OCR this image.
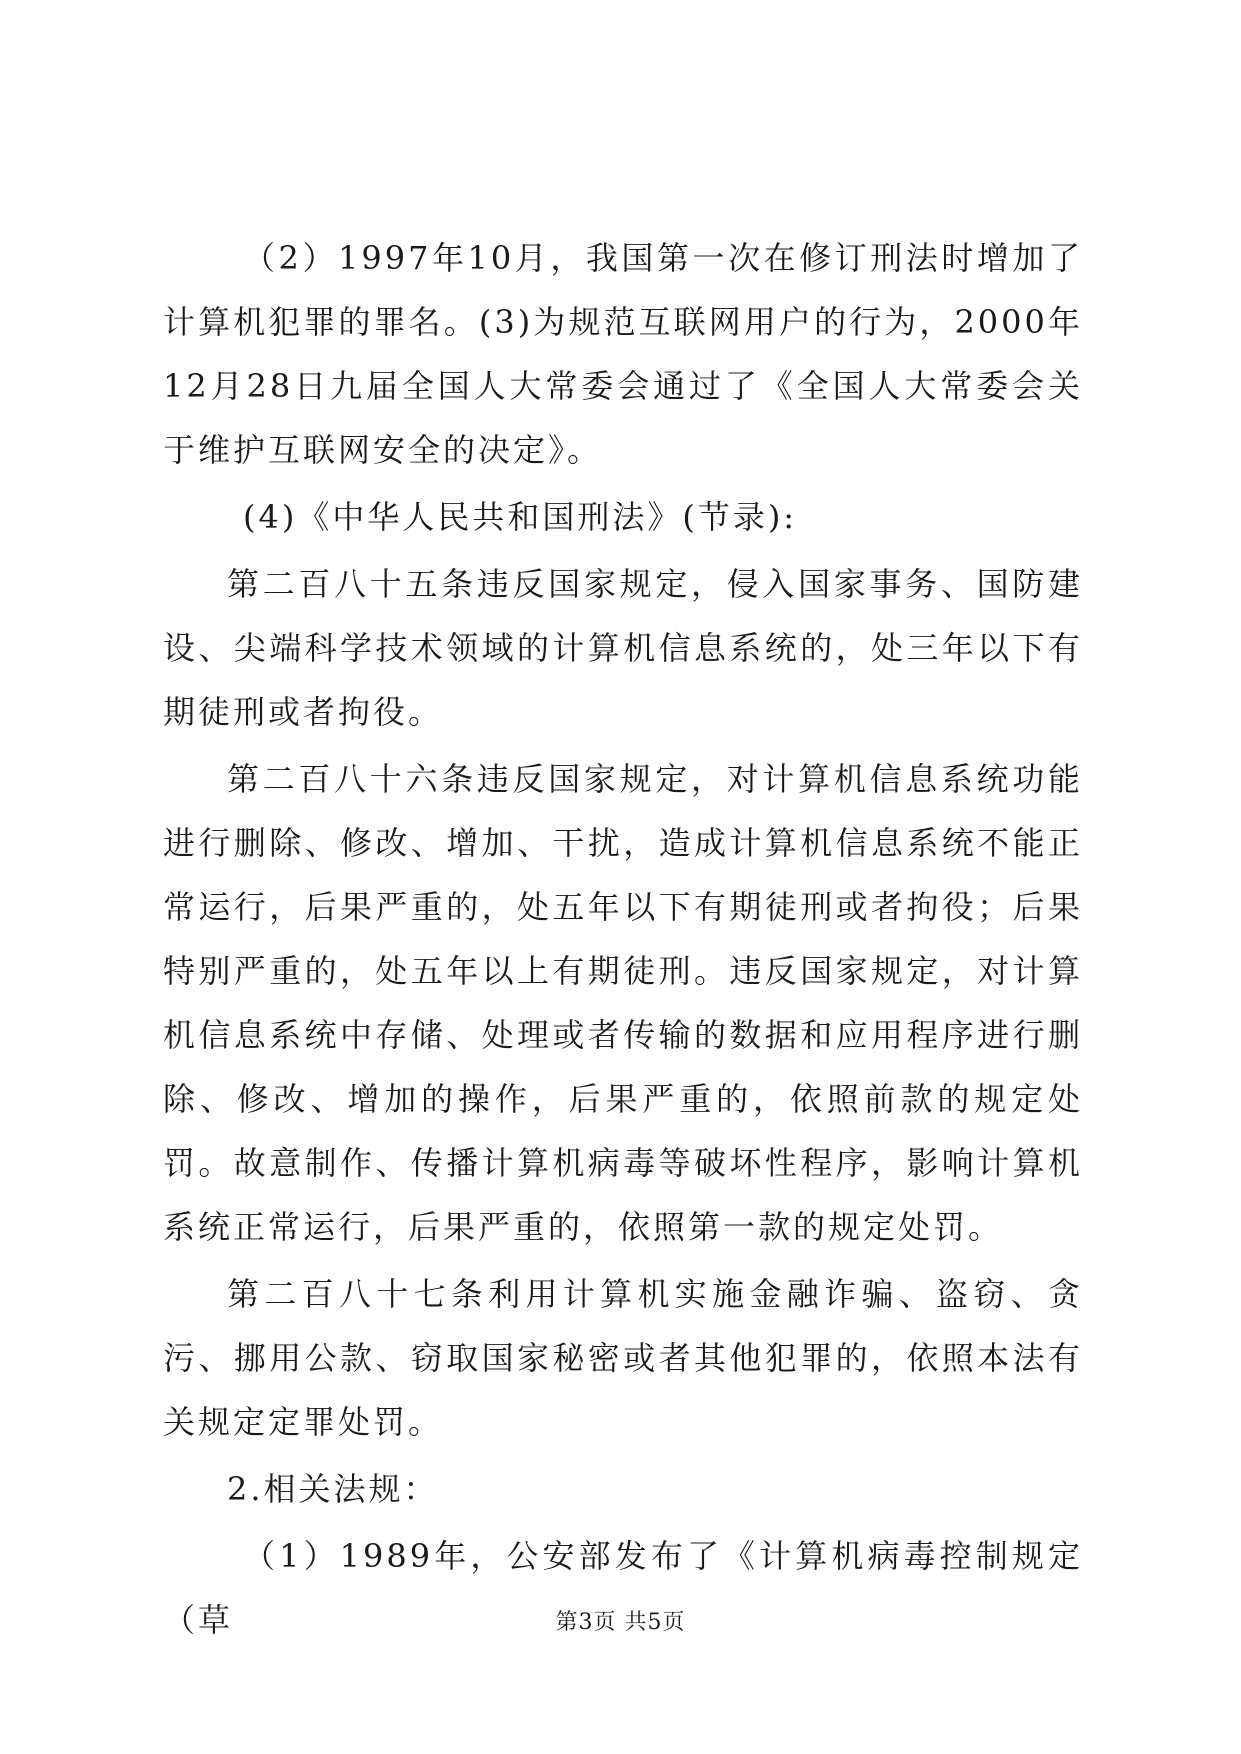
（2）1997年10月，我国第一次在修订刑法时增加了计算机犯罪的罪名。(3)为规范互联网用户的行为，2000年12月28日九届全国人大常委会通过了《全国人大常委会关于维护互联网安全的决定》。

(4)《中华人民共和国刑法》(节录):

第二百八十五条违反国家规定，侵入国家事务、国防建设、尖端科学技术领域的计算机信息系统的，处三年以下有期徒刑或者拘役。

第二百八十六条违反国家规定，对计算机信息系统功能进行删除、修改、增加、干扰，造成计算机信息系统不能正常运行，后果严重的，处五年以下有期徒刑或者拘役；后果特别严重的，处五年以上有期徒刑。违反国家规定，对计算机信息系统中存储、处理或者传输的数据和应用程序进行删除、修改、增加的操作，后果严重的，依照前款的规定处罚。故意制作、传播计算机病毒等破坏性程序，影响计算机系统正常运行，后果严重的，依照第一款的规定处罚。

第二百八十七条利用计算机实施金融诈骗、盗窃、贪污、挪用公款、窃取国家秘密或者其他犯罪的，依照本法有关规定定罪处罚。

2.相关法规：

（1）1989年，公安部发布了《计算机病毒控制规定（草	第3页 共5页
